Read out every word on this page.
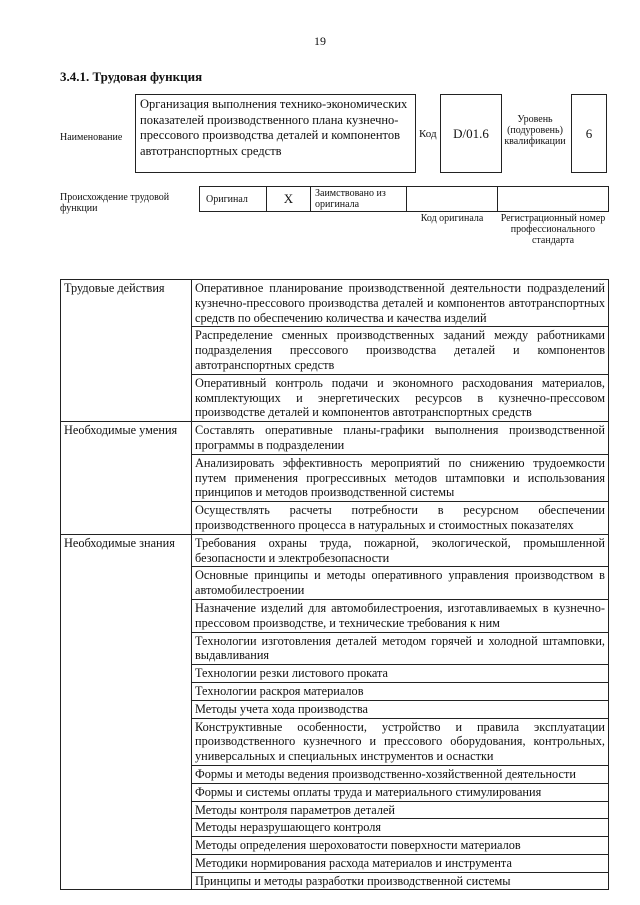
19
3.4.1. Трудовая функция
Наименование
Организация выполнения технико-экономических показателей производственного плана кузнечно-прессового производства деталей и компонентов автотранспортных средств
Код	D/01.6
Уровень (подуровень) квалификации
6
Происхождение трудовой функции
Оригинал	X	Заимствовано из оригинала
Код оригинала	Регистрационный номер профессионального стандарта
Трудовые действия	Оперативное планирование производственной деятельности подразделений кузнечно-прессового производства деталей и компонентов автотранспортных средств по обеспечению количества и качества изделий
	Распределение сменных производственных заданий между работниками подразделения прессового производства деталей и компонентов автотранспортных средств
	Оперативный контроль подачи и экономного расходования материалов, комплектующих и энергетических ресурсов в кузнечно-прессовом производстве деталей и компонентов автотранспортных средств
Необходимые умения	Составлять оперативные планы-графики выполнения производственной программы в подразделении
	Анализировать эффективность мероприятий по снижению трудоемкости путем применения прогрессивных методов штамповки и использования принципов и методов производственной системы
	Осуществлять расчеты потребности в ресурсном обеспечении производственного процесса в натуральных и стоимостных показателях
Необходимые знания	Требования охраны труда, пожарной, экологической, промышленной безопасности и электробезопасности
	Основные принципы и методы оперативного управления производством в автомобилестроении
	Назначение изделий для автомобилестроения, изготавливаемых в кузнечно-прессовом производстве, и технические требования к ним
	Технологии изготовления деталей методом горячей и холодной штамповки, выдавливания
	Технологии резки листового проката
	Технологии раскроя материалов
	Методы учета хода производства
	Конструктивные особенности, устройство и правила эксплуатации производственного кузнечного и прессового оборудования, контрольных, универсальных и специальных инструментов и оснастки
	Формы и методы ведения производственно-хозяйственной деятельности
	Формы и системы оплаты труда и материального стимулирования
	Методы контроля параметров деталей
	Методы неразрушающего контроля
	Методы определения шероховатости поверхности материалов
	Методики нормирования расхода материалов и инструмента
	Принципы и методы разработки производственной системы
